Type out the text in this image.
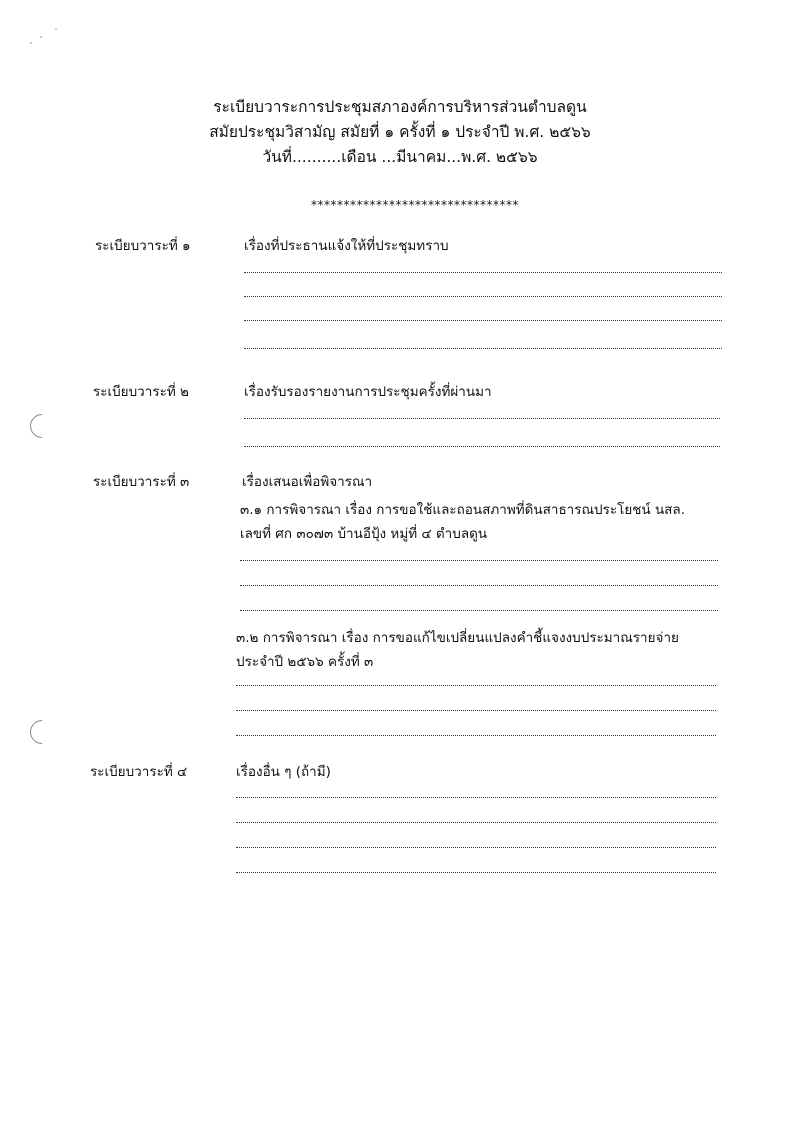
ระเบียบวาระการประชุมสภาองค์การบริหารส่วนตำบลดูน
สมัยประชุมวิสามัญ สมัยที่ ๑ ครั้งที่ ๑ ประจำปี พ.ศ. ๒๕๖๖
วันที่..........เดือน ...มีนาคม...พ.ศ. ๒๕๖๖
********************************
ระเบียบวาระที่ ๑	เรื่องที่ประธานแจ้งให้ที่ประชุมทราบ
ระเบียบวาระที่ ๒	เรื่องรับรองรายงานการประชุมครั้งที่ผ่านมา
ระเบียบวาระที่ ๓	เรื่องเสนอเพื่อพิจารณา
๓.๑ การพิจารณา เรื่อง การขอใช้และถอนสภาพที่ดินสาธารณประโยชน์ นสล.
เลขที่ ศก ๓๐๗๓ บ้านอีปุ้ง หมู่ที่ ๔ ตำบลดูน
๓.๒ การพิจารณา เรื่อง การขอแก้ไขเปลี่ยนแปลงคำชี้แจงงบประมาณรายจ่าย
ประจำปี ๒๕๖๖ ครั้งที่ ๓
ระเบียบวาระที่ ๔	เรื่องอื่น ๆ (ถ้ามี)
